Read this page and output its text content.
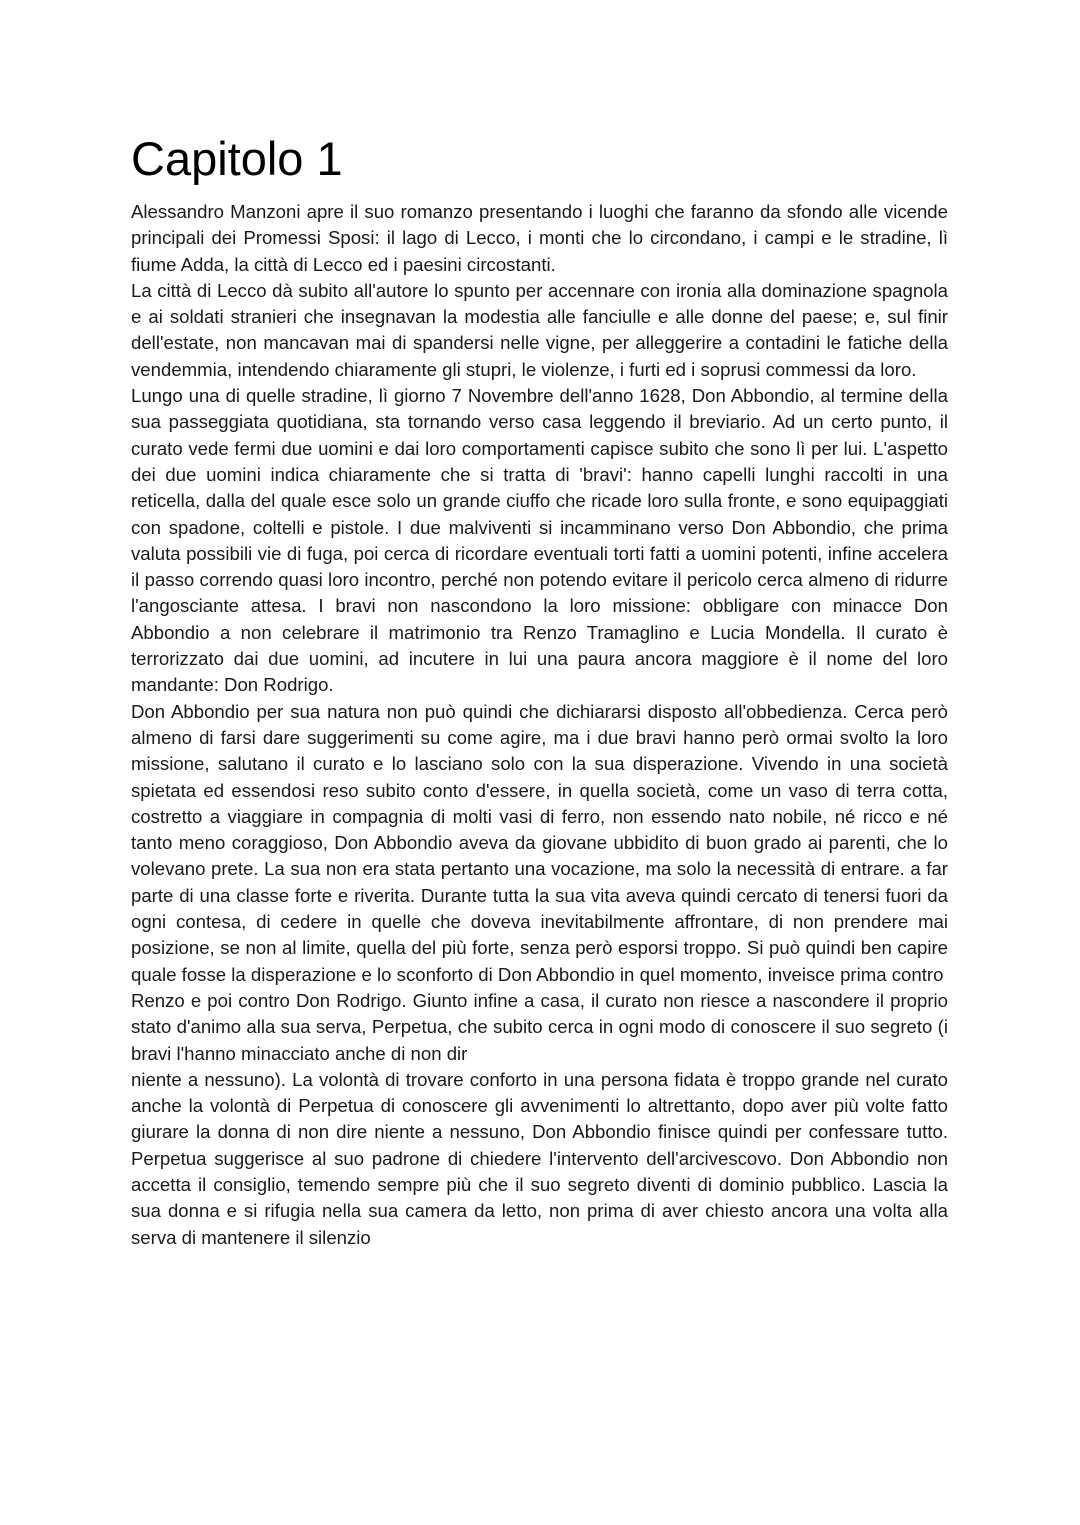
Capitolo 1

Alessandro Manzoni apre il suo romanzo presentando i luoghi che faranno da sfondo alle vicende principali dei Promessi Sposi: il lago di Lecco, i monti che lo circondano, i campi e le stradine, lì fiume Adda, la città di Lecco ed i paesini circostanti.

La città di Lecco dà subito all'autore lo spunto per accennare con ironia alla dominazione spagnola e ai soldati stranieri che insegnavan la modestia alle fanciulle e alle donne del paese; e, sul finir dell'estate, non mancavan mai di spandersi nelle vigne, per alleggerire a contadini le fatiche della vendemmia, intendendo chiaramente gli stupri, le violenze, i furti ed i soprusi commessi da loro.

Lungo una di quelle stradine, lì giorno 7 Novembre dell'anno 1628, Don Abbondio, al termine della sua passeggiata quotidiana, sta tornando verso casa leggendo il breviario. Ad un certo punto, il curato vede fermi due uomini e dai loro comportamenti capisce subito che sono lì per lui. L'aspetto dei due uomini indica chiaramente che si tratta di 'bravi': hanno capelli lunghi raccolti in una reticella, dalla del quale esce solo un grande ciuffo che ricade loro sulla fronte, e sono equipaggiati con spadone, coltelli e pistole. I due malviventi si incamminano verso Don Abbondio, che prima valuta possibili vie di fuga, poi cerca di ricordare eventuali torti fatti a uomini potenti, infine accelera il passo correndo quasi loro incontro, perché non potendo evitare il pericolo cerca almeno di ridurre l'angosciante attesa. I bravi non nascondono la loro missione: obbligare con minacce Don Abbondio a non celebrare il matrimonio tra Renzo Tramaglino e Lucia Mondella. Il curato è terrorizzato dai due uomini, ad incutere in lui una paura ancora maggiore è il nome del loro mandante: Don Rodrigo.

Don Abbondio per sua natura non può quindi che dichiararsi disposto all'obbedienza. Cerca però almeno di farsi dare suggerimenti su come agire, ma i due bravi hanno però ormai svolto la loro missione, salutano il curato e lo lasciano solo con la sua disperazione. Vivendo in una società spietata ed essendosi reso subito conto d'essere, in quella società, come un vaso di terra cotta, costretto a viaggiare in compagnia di molti vasi di ferro, non essendo nato nobile, né ricco e né tanto meno coraggioso, Don Abbondio aveva da giovane ubbidito di buon grado ai parenti, che lo volevano prete. La sua non era stata pertanto una vocazione, ma solo la necessità di entrare. a far parte di una classe forte e riverita. Durante tutta la sua vita aveva quindi cercato di tenersi fuori da ogni contesa, di cedere in quelle che doveva inevitabilmente affrontare, di non prendere mai posizione, se non al limite, quella del più forte, senza però esporsi troppo. Si può quindi ben capire quale fosse la disperazione e lo sconforto di Don Abbondio in quel momento, inveisce prima contro

Renzo e poi contro Don Rodrigo. Giunto infine a casa, il curato non riesce a nascondere il proprio stato d'animo alla sua serva, Perpetua, che subito cerca in ogni modo di conoscere il suo segreto (i bravi l'hanno minacciato anche di non dir

niente a nessuno). La volontà di trovare conforto in una persona fidata è troppo grande nel curato anche la volontà di Perpetua di conoscere gli avvenimenti lo altrettanto, dopo aver più volte fatto giurare la donna di non dire niente a nessuno, Don Abbondio finisce quindi per confessare tutto. Perpetua suggerisce al suo padrone di chiedere l'intervento dell'arcivescovo. Don Abbondio non accetta il consiglio, temendo sempre più che il suo segreto diventi di dominio pubblico. Lascia la sua donna e si rifugia nella sua camera da letto, non prima di aver chiesto ancora una volta alla serva di mantenere il silenzio
